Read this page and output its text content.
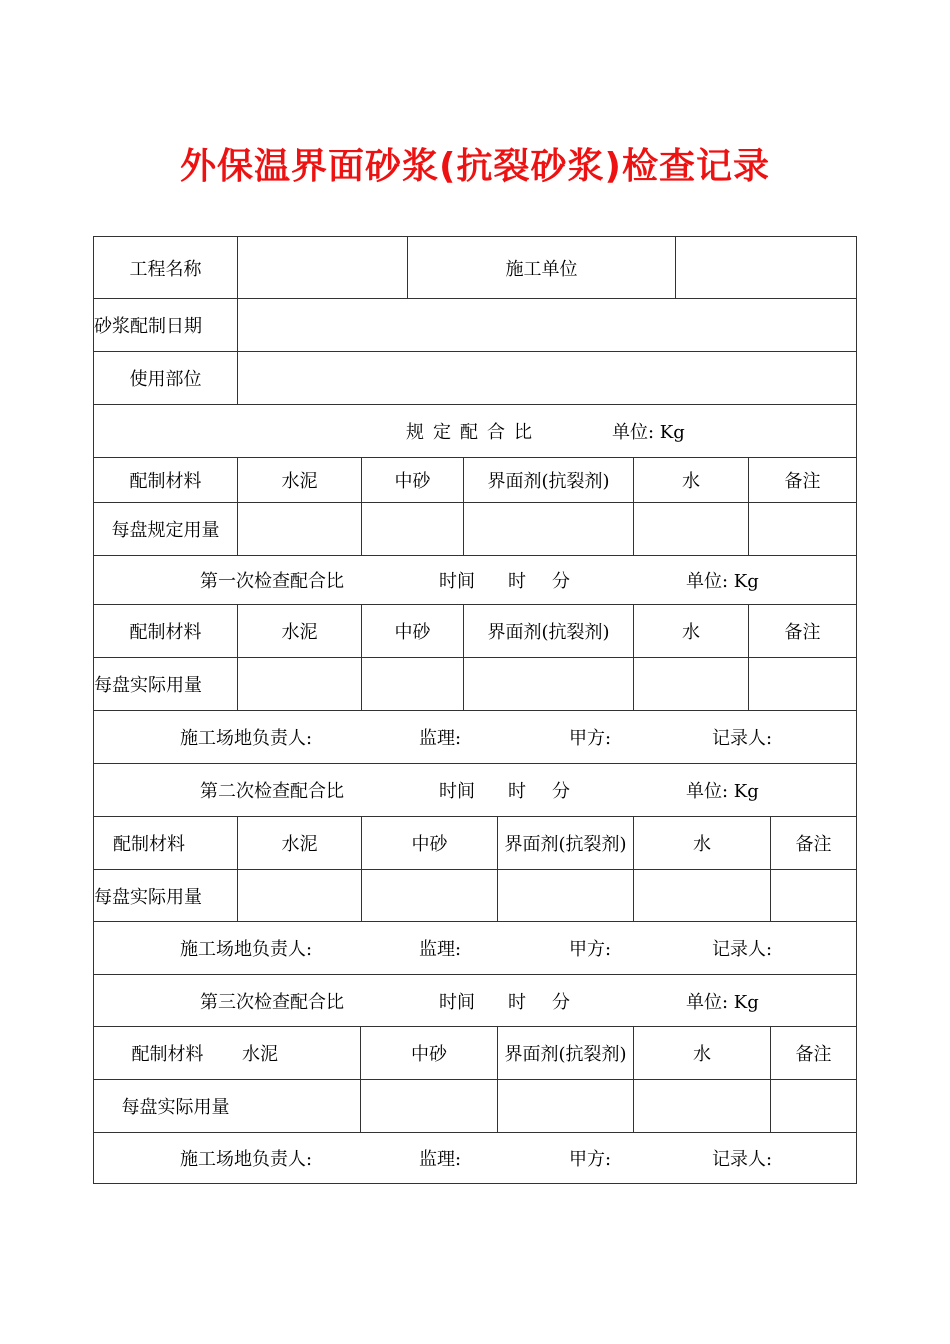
外保温界面砂浆(抗裂砂浆)检查记录
工程名称	施工单位
砂浆配制日期
使用部位
规定配合比	单位: Kg
配制材料	水泥	中砂	界面剂(抗裂剂)	水	备注
每盘规定用量
第一次检查配合比	时间 时 分	单位: Kg
配制材料	水泥	中砂	界面剂(抗裂剂)	水	备注
每盘实际用量
施工场地负责人:	监理:	甲方:	记录人:
第二次检查配合比	时间 时 分	单位: Kg
配制材料	水泥	中砂	界面剂(抗裂剂)	水	备注
每盘实际用量
施工场地负责人:	监理:	甲方:	记录人:
第三次检查配合比	时间 时 分	单位: Kg
配制材料	水泥	中砂	界面剂(抗裂剂)	水	备注
每盘实际用量
施工场地负责人:	监理:	甲方:	记录人:
